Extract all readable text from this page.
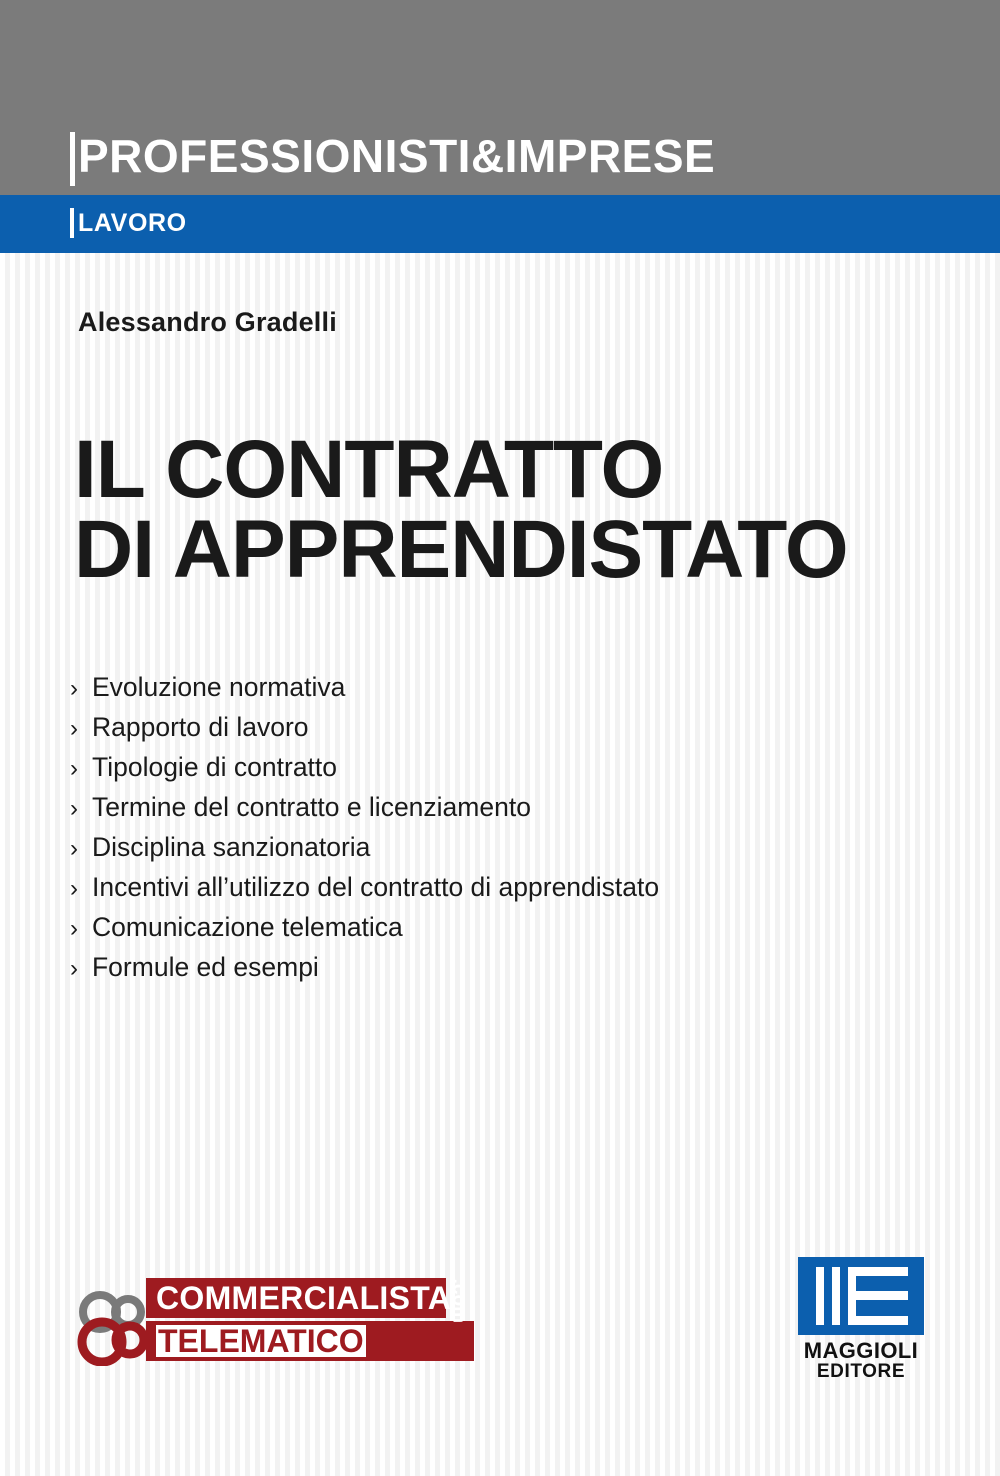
PROFESSIONISTI&IMPRESE
LAVORO
Alessandro Gradelli
IL CONTRATTO
DI APPRENDISTATO
› Evoluzione normativa
› Rapporto di lavoro
› Tipologie di contratto
› Termine del contratto e licenziamento
› Disciplina sanzionatoria
› Incentivi all’utilizzo del contratto di apprendistato
› Comunicazione telematica
› Formule ed esempi
COMMERCIALISTA
TELEMATICO
.com
MAGGIOLI
EDITORE
